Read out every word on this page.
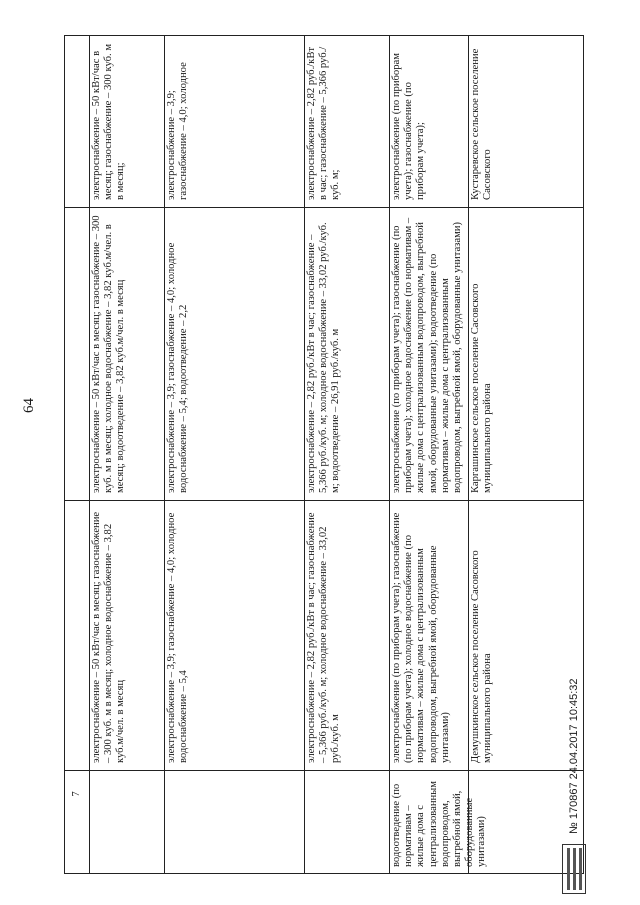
64
7	водоотведение (по нормативам – жилые дома с централизованным водопроводом, выгребной ямой, оборудованные унитазами)
Демушкинское сельское поселение Сасовского муниципального района
электроснабжение (по приборам учета); газоснабжение (по приборам учета); холодное водоснабжение (по нормативам – жилые дома с централизованным водопроводом, выгребной ямой, оборудованные унитазами)
электроснабжение – 2,82 руб./кВт в час; газоснабжение – 5,366 руб./куб. м; холодное водоснабжение – 33,02 руб./куб. м
электроснабжение – 3,9; газоснабжение – 4,0; холодное водоснабжение – 5,4
электроснабжение – 50 кВт/час в месяц; газоснабжение – 300 куб. м в месяц; холодное водоснабжение – 3,82 куб.м/чел. в месяц
Каргашинское сельское поселение Сасовского муниципального района
электроснабжение (по приборам учета); газоснабжение (по приборам учета); холодное водоснабжение (по нормативам – жилые дома с централизованным водопроводом, выгребной ямой, оборудованные унитазами); водоотведение (по нормативам – жилые дома с централизованным водопроводом, выгребной ямой, оборудованные унитазами)
электроснабжение – 2,82 руб./кВт в час; газоснабжение – 5,366 руб./куб. м; холодное водоснабжение – 33,02 руб./куб. м; водоотведение – 26,91 руб./куб. м
электроснабжение – 3,9; газоснабжение – 4,0; холодное водоснабжение – 5,4; водоотведение – 2,2
электроснабжение – 50 кВт/час в месяц; газоснабжение – 300 куб. м в месяц; холодное водоснабжение – 3,82 куб.м/чел. в месяц; водоотведение – 3,82 куб.м/чел. в месяц
Кустаревское сельское поселение Сасовского
электроснабжение (по приборам учета); газоснабжение (по приборам учета);
электроснабжение – 2,82 руб./кВт в час; газоснабжение – 5,366 руб./куб. м;
электроснабжение – 3,9; газоснабжение – 4,0; холодное
электроснабжение – 50 кВт/час в месяц; газоснабжение – 300 куб. м в месяц;
№ 170867 24.04.2017 10:45:32
